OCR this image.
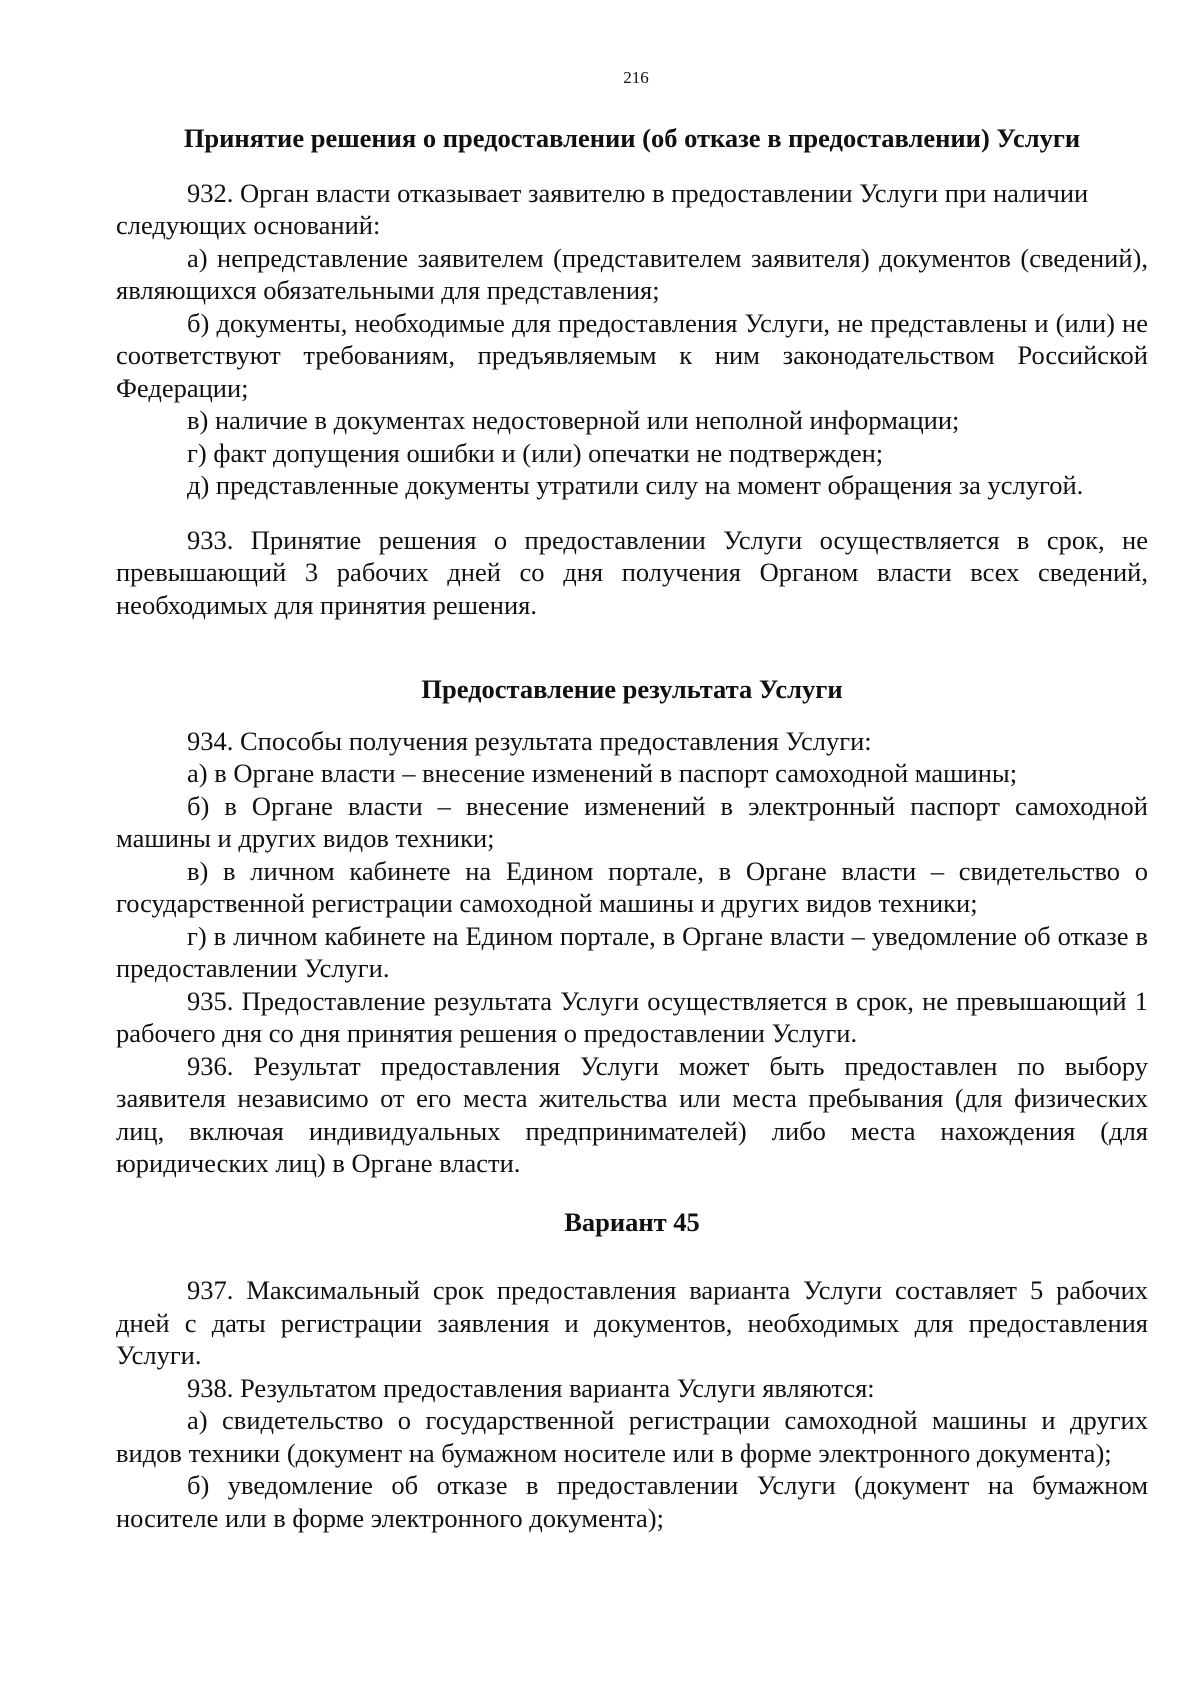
216
Принятие решения о предоставлении (об отказе в предоставлении) Услуги

932. Орган власти отказывает заявителю в предоставлении Услуги при наличии следующих оснований:

а) непредставление заявителем (представителем заявителя) документов (сведений), являющихся обязательными для представления;

б) документы, необходимые для предоставления Услуги, не представлены и (или) не соответствуют требованиям, предъявляемым к ним законодательством Российской Федерации;

в) наличие в документах недостоверной или неполной информации;

г) факт допущения ошибки и (или) опечатки не подтвержден;

д) представленные документы утратили силу на момент обращения за услугой.

933. Принятие решения о предоставлении Услуги осуществляется в срок, не превышающий 3 рабочих дней со дня получения Органом власти всех сведений, необходимых для принятия решения.

Предоставление результата Услуги

934. Способы получения результата предоставления Услуги:

а) в Органе власти – внесение изменений в паспорт самоходной машины;

б) в Органе власти – внесение изменений в электронный паспорт самоходной машины и других видов техники;

в) в личном кабинете на Едином портале, в Органе власти – свидетельство о государственной регистрации самоходной машины и других видов техники;

г) в личном кабинете на Едином портале, в Органе власти – уведомление об отказе в предоставлении Услуги.

935. Предоставление результата Услуги осуществляется в срок, не превышающий 1 рабочего дня со дня принятия решения о предоставлении Услуги.

936. Результат предоставления Услуги может быть предоставлен по выбору заявителя независимо от его места жительства или места пребывания (для физических лиц, включая индивидуальных предпринимателей) либо места нахождения (для юридических лиц) в Органе власти.

Вариант 45

937. Максимальный срок предоставления варианта Услуги составляет 5 рабочих дней с даты регистрации заявления и документов, необходимых для предоставления Услуги.

938. Результатом предоставления варианта Услуги являются:

а) свидетельство о государственной регистрации самоходной машины и других видов техники (документ на бумажном носителе или в форме электронного документа);

б) уведомление об отказе в предоставлении Услуги (документ на бумажном носителе или в форме электронного документа);
